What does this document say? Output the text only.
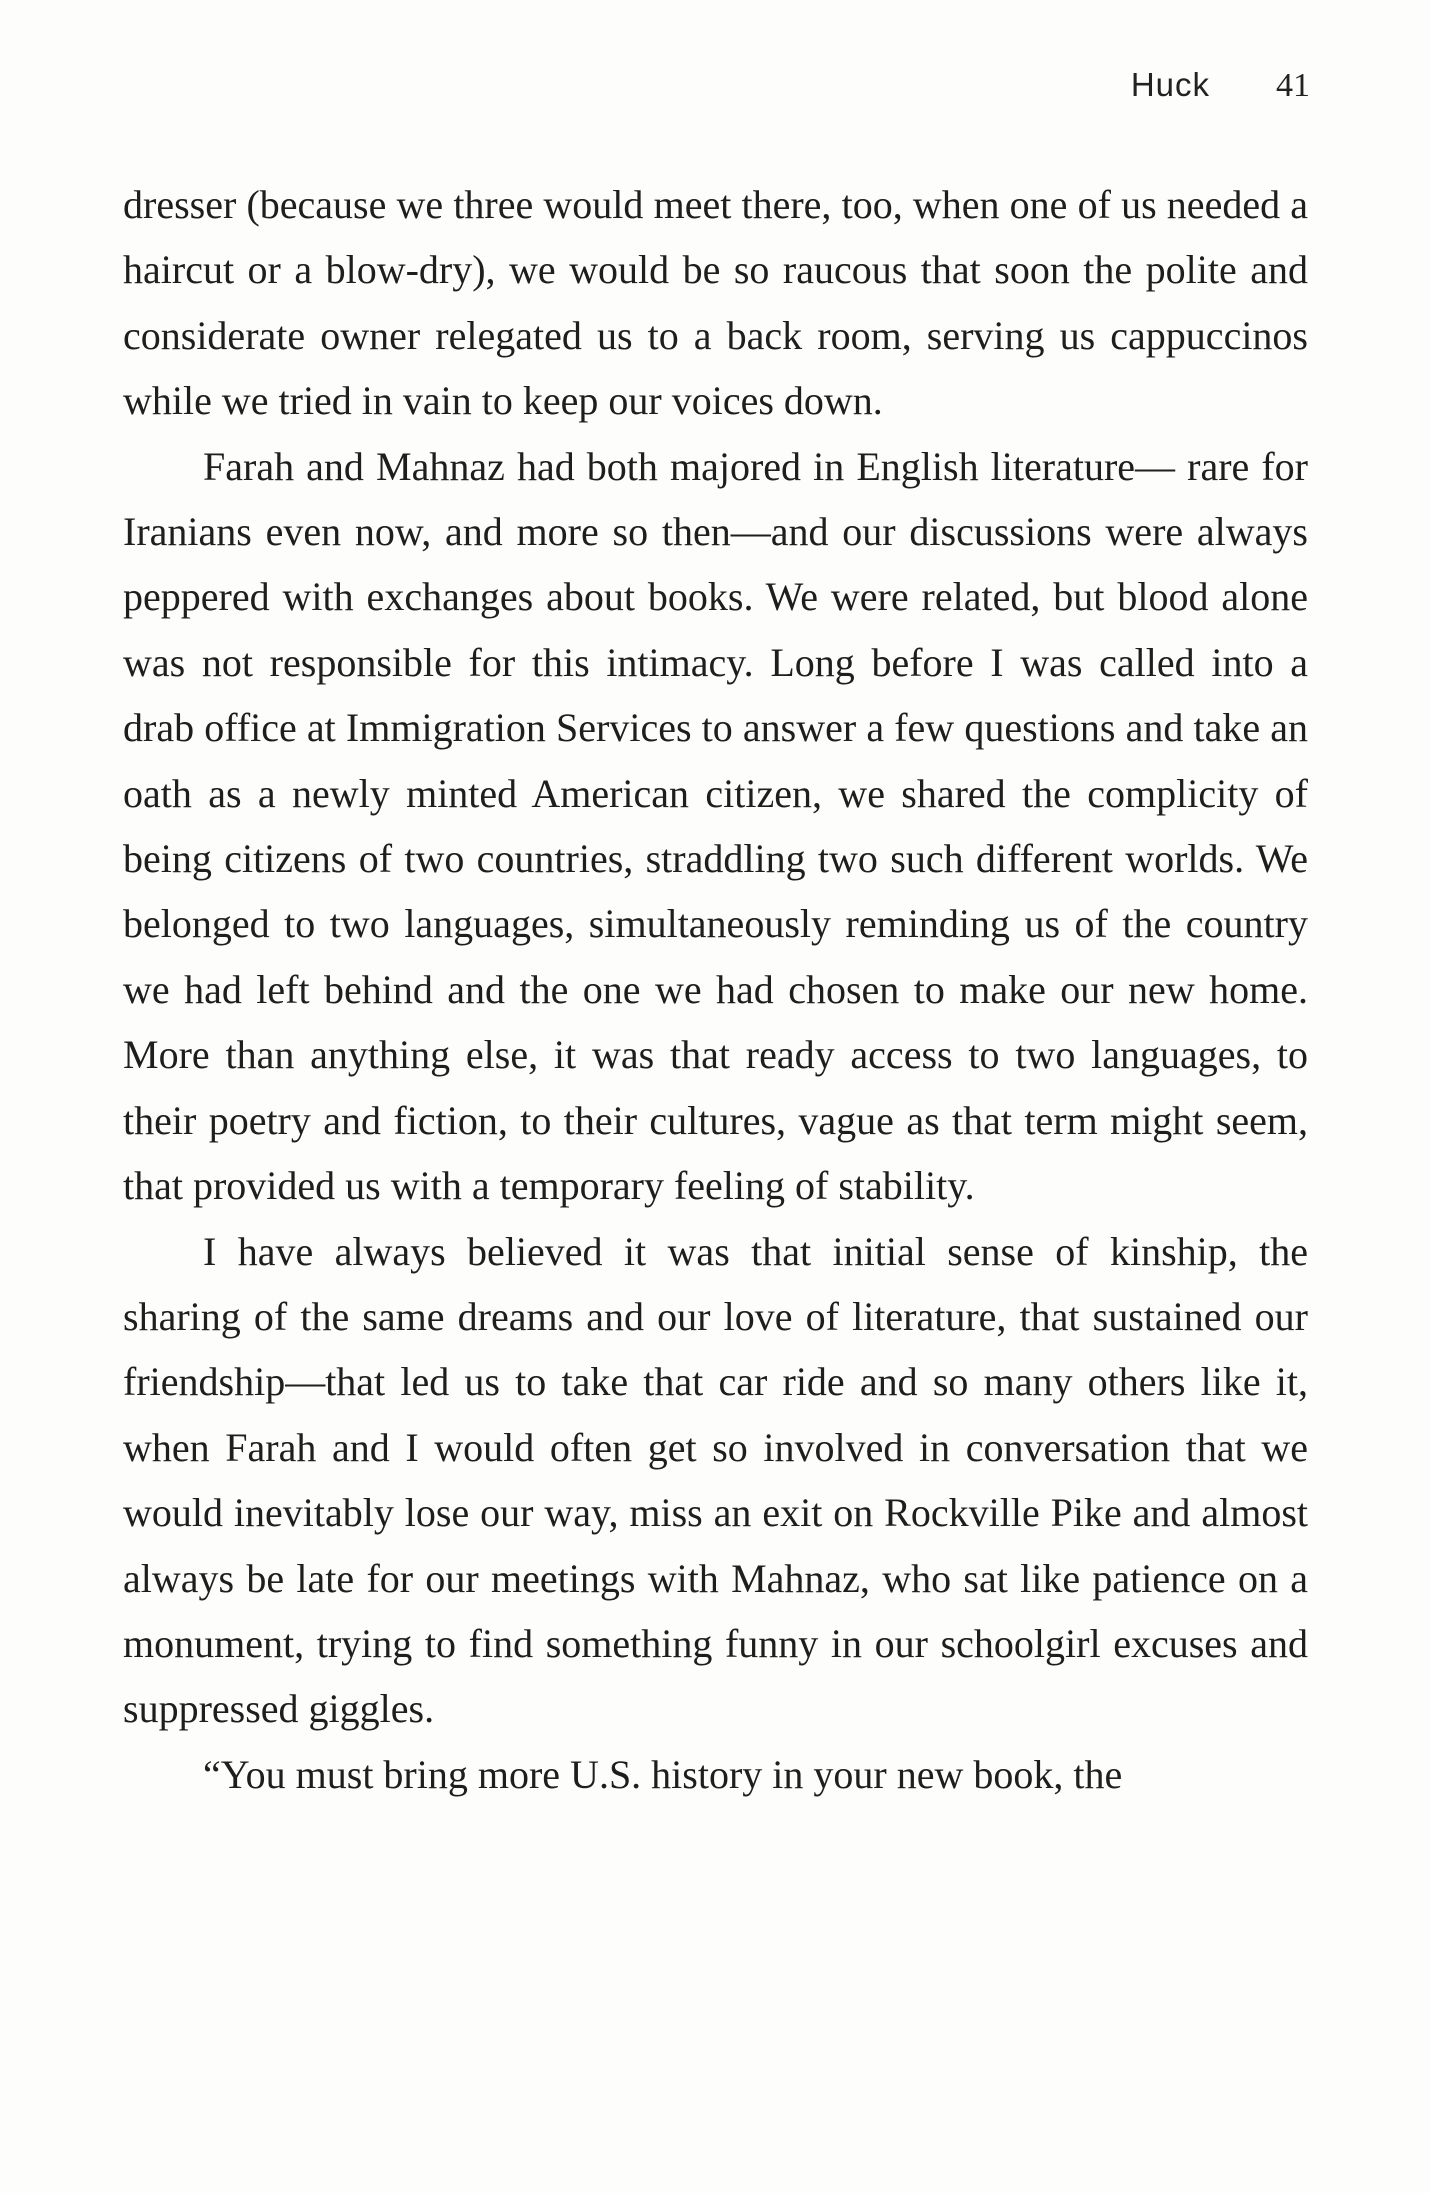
Huck 41

dresser (because we three would meet there, too, when one of us needed a haircut or a blow-dry), we would be so raucous that soon the polite and considerate owner relegated us to a back room, serving us cappuccinos while we tried in vain to keep our voices down.

Farah and Mahnaz had both majored in English literature— rare for Iranians even now, and more so then—and our discussions were always peppered with exchanges about books. We were related, but blood alone was not responsible for this intimacy. Long before I was called into a drab office at Immigration Services to answer a few questions and take an oath as a newly minted American citizen, we shared the complicity of being citizens of two countries, straddling two such different worlds. We belonged to two languages, simultaneously reminding us of the country we had left behind and the one we had chosen to make our new home. More than anything else, it was that ready access to two languages, to their poetry and fiction, to their cultures, vague as that term might seem, that provided us with a temporary feeling of stability.

I have always believed it was that initial sense of kinship, the sharing of the same dreams and our love of literature, that sustained our friendship—that led us to take that car ride and so many others like it, when Farah and I would often get so involved in conversation that we would inevitably lose our way, miss an exit on Rockville Pike and almost always be late for our meetings with Mahnaz, who sat like patience on a monument, trying to find something funny in our schoolgirl excuses and suppressed giggles.

“You must bring more U.S. history in your new book, the
